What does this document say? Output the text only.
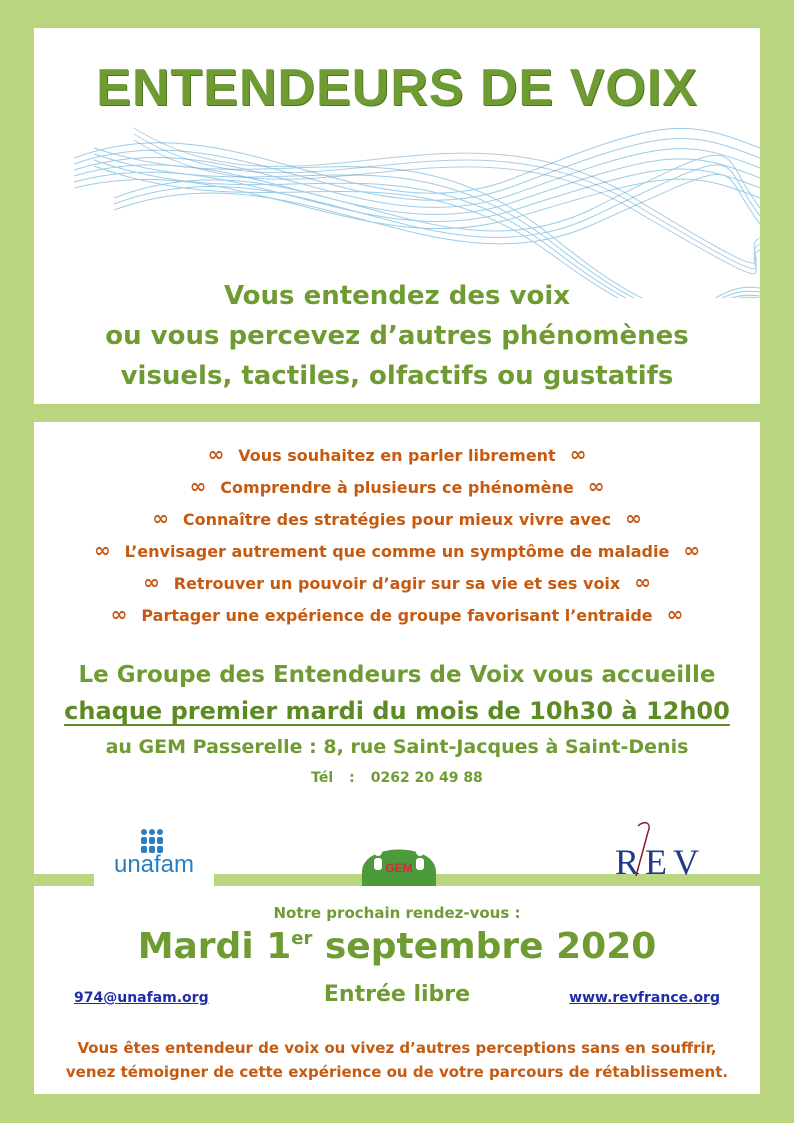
ENTENDEURS DE VOIX
Vous entendez des voix
ou vous percevez d’autres phénomènes
visuels, tactiles, olfactifs ou gustatifs
∞ Vous souhaitez en parler librement ∞
∞ Comprendre à plusieurs ce phénomène ∞
∞ Connaître des stratégies pour mieux vivre avec ∞
∞ L’envisager autrement que comme un symptôme de maladie ∞
∞ Retrouver un pouvoir d’agir sur sa vie et ses voix ∞
∞ Partager une expérience de groupe favorisant l’entraide ∞
Le Groupe des Entendeurs de Voix vous accueille
chaque premier mardi du mois de 10h30 à 12h00
au GEM Passerelle : 8, rue Saint-Jacques à Saint-Denis
Tél : 0262 20 49 88
unafam	GEM	REV
Notre prochain rendez-vous :
Mardi 1er septembre 2020
Entrée libre
974@unafam.org	www.revfrance.org
Vous êtes entendeur de voix ou vivez d’autres perceptions sans en souffrir,
venez témoigner de cette expérience ou de votre parcours de rétablissement.
